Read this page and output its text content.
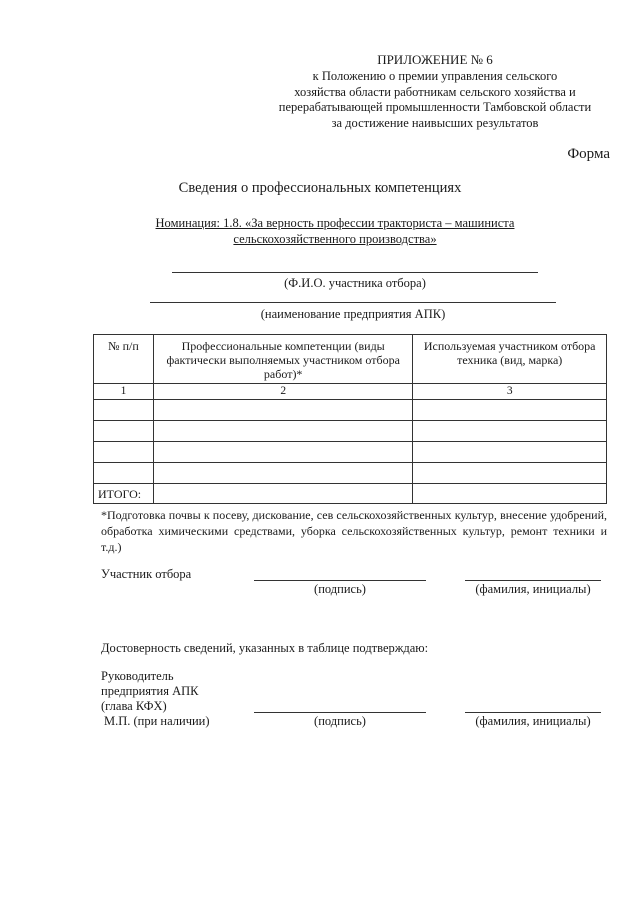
ПРИЛОЖЕНИЕ № 6
к Положению о премии управления сельского
хозяйства области работникам сельского хозяйства и
перерабатывающей промышленности Тамбовской области
за достижение наивысших результатов
Форма
Сведения о профессиональных компетенциях
Номинация: 1.8. «За верность профессии тракториста – машиниста
сельскохозяйственного производства»
(Ф.И.О. участника отбора)
(наименование предприятия АПК)
№ п/п	Профессиональные компетенции (виды фактически выполняемых участником отбора работ)*	Используемая участником отбора техника (вид, марка)
1	2	3

ИТОГО:		
*Подготовка почвы к посеву, дискование, сев сельскохозяйственных культур, внесение удобрений, обработка химическими средствами, уборка сельскохозяйственных культур, ремонт техники и т.д.)
Участник отбора
(подпись)	(фамилия, инициалы)
Достоверность сведений, указанных в таблице подтверждаю:
Руководитель
предприятия АПК
(глава КФХ)
М.П. (при наличии)	(подпись)	(фамилия, инициалы)
